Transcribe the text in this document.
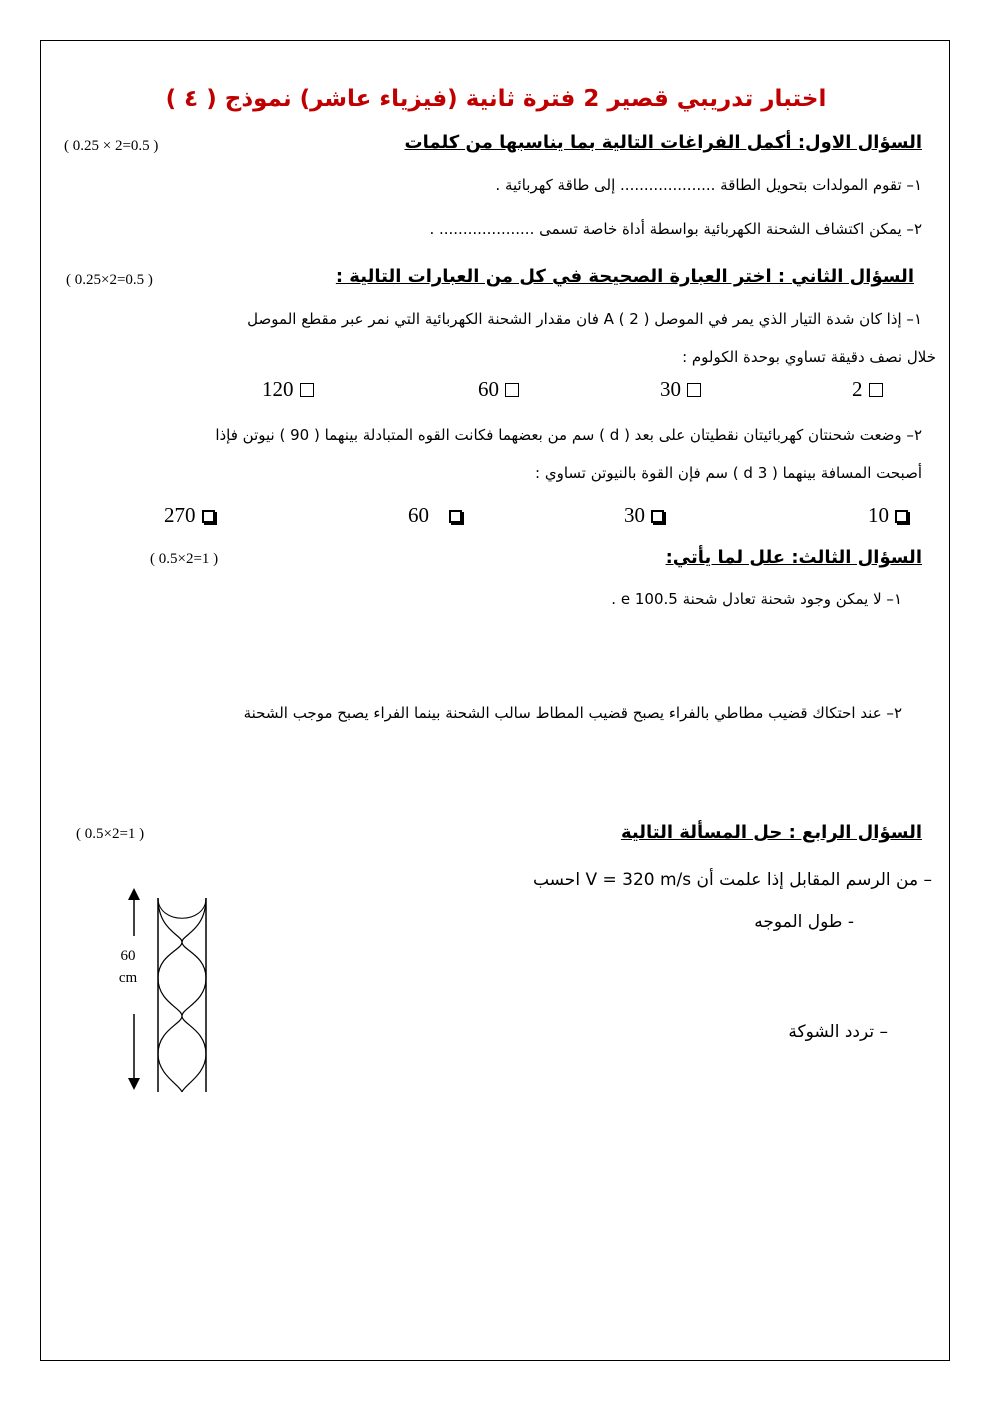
اختبار تدريبي قصير 2 فترة ثانية (فيزياء عاشر) نموذج ( ٤ )
السؤال الاول: أكمل الفراغات التالية بما يناسبها من كلمات
( 0.25 × 2=0.5 )
١– تقوم المولدات بتحويل الطاقة .................... إلى طاقة كهربائية .
٢– يمكن اكتشاف الشحنة الكهربائية بواسطة أداة خاصة تسمى .................... .
السؤال الثاني : اختر العبارة الصحيحة في كل من العبارات التالية :
( 0.25×2=0.5 )
١– إذا كان شدة التيار الذي يمر في الموصل A ( 2 ) فان مقدار الشحنة الكهربائية التي نمر عبر مقطع الموصل
خلال نصف دقيقة تساوي بوحدة الكولوم :
2
30
60
120
٢– وضعت شحنتان كهربائيتان نقطيتان على بعد ( d ) سم من بعضهما فكانت القوه المتبادلة بينهما ( 90 ) نيوتن فإذا
أصبحت المسافة بينهما ( 3 d ) سم فإن القوة بالنيوتن تساوي :
10
30
60
270
السؤال الثالث: علل لما يأتي:
( 0.5×2=1 )
١– لا يمكن وجود شحنة تعادل شحنة 100.5 e .
٢– عند احتكاك قضيب مطاطي بالفراء يصبح قضيب المطاط سالب الشحنة بينما الفراء يصبح موجب الشحنة
السؤال الرابع : حل المسألة التالية
( 0.5×2=1 )
– من الرسم المقابل إذا علمت أن V = 320 m/s احسب
- طول الموجه
– تردد الشوكة
60
cm
